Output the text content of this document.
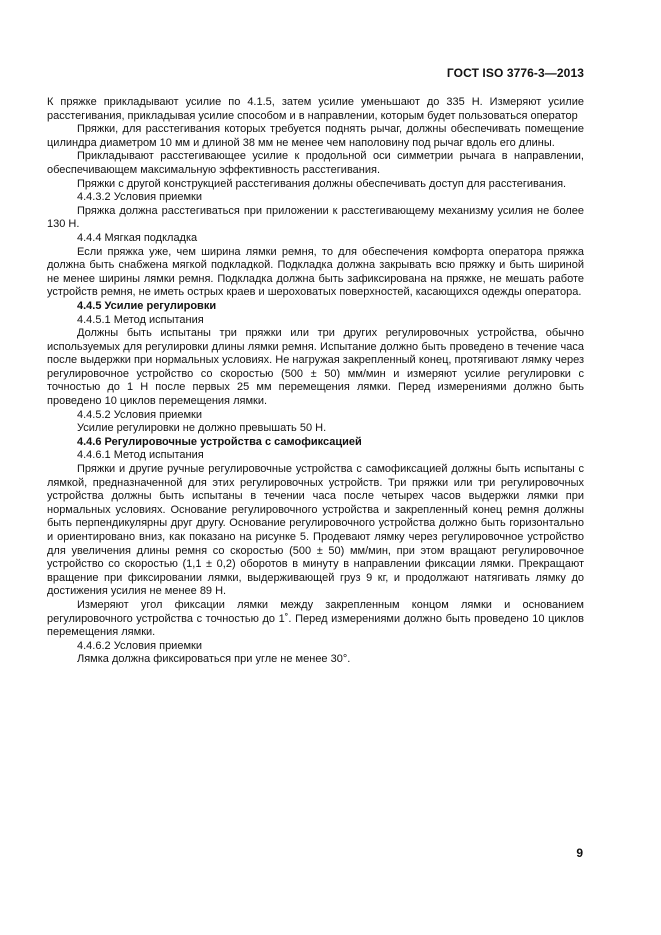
ГОСТ ISO 3776-3—2013

К пряжке прикладывают усилие по 4.1.5, затем усилие уменьшают до 335 Н. Измеряют усилие расстегивания, прикладывая усилие способом и в направлении, которым будет пользоваться оператор

Пряжки, для расстегивания которых требуется поднять рычаг, должны обеспечивать помещение цилиндра диаметром 10 мм и длиной 38 мм не менее чем наполовину под рычаг вдоль его длины.

Прикладывают расстегивающее усилие к продольной оси симметрии рычага в направлении, обеспечивающем максимальную эффективность расстегивания.

Пряжки с другой конструкцией расстегивания должны обеспечивать доступ для расстегивания.

4.4.3.2 Условия приемки

Пряжка должна расстегиваться при приложении к расстегивающему механизму усилия не более 130 Н.

4.4.4 Мягкая подкладка

Если пряжка уже, чем ширина лямки ремня, то для обеспечения комфорта оператора пряжка должна быть снабжена мягкой подкладкой. Подкладка должна закрывать всю пряжку и быть шириной не менее ширины лямки ремня. Подкладка должна быть зафиксирована на пряжке, не мешать работе устройств ремня, не иметь острых краев и шероховатых поверхностей, касающихся одежды оператора.

4.4.5 Усилие регулировки

4.4.5.1 Метод испытания

Должны быть испытаны три пряжки или три других регулировочных устройства, обычно используемых для регулировки длины лямки ремня. Испытание должно быть проведено в течение часа после выдержки при нормальных условиях. Не нагружая закрепленный конец, протягивают лямку через регулировочное устройство со скоростью (500 ± 50) мм/мин и измеряют усилие регулировки с точностью до 1 Н после первых 25 мм перемещения лямки. Перед измерениями должно быть проведено 10 циклов перемещения лямки.

4.4.5.2 Условия приемки

Усилие регулировки не должно превышать 50 Н.

4.4.6 Регулировочные устройства с самофиксацией

4.4.6.1 Метод испытания

Пряжки и другие ручные регулировочные устройства с самофиксацией должны быть испытаны с лямкой, предназначенной для этих регулировочных устройств. Три пряжки или три регулировочных устройства должны быть испытаны в течении часа после четырех часов выдержки лямки при нормальных условиях. Основание регулировочного устройства и закрепленный конец ремня должны быть перпендикулярны друг другу. Основание регулировочного устройства должно быть горизонтально и ориентировано вниз, как показано на рисунке 5. Продевают лямку через регулировочное устройство для увеличения длины ремня со скоростью (500 ± 50) мм/мин, при этом вращают регулировочное устройство со скоростью (1,1 ± 0,2) оборотов в минуту в направлении фиксации лямки. Прекращают вращение при фиксировании лямки, выдерживающей груз 9 кг, и продолжают натягивать лямку до достижения усилия не менее 89 Н.

Измеряют угол фиксации лямки между закрепленным концом лямки и основанием регулировочного устройства с точностью до 1˚. Перед измерениями должно быть проведено 10 циклов перемещения лямки.

4.4.6.2 Условия приемки

Лямка должна фиксироваться при угле не менее 30°.

9
